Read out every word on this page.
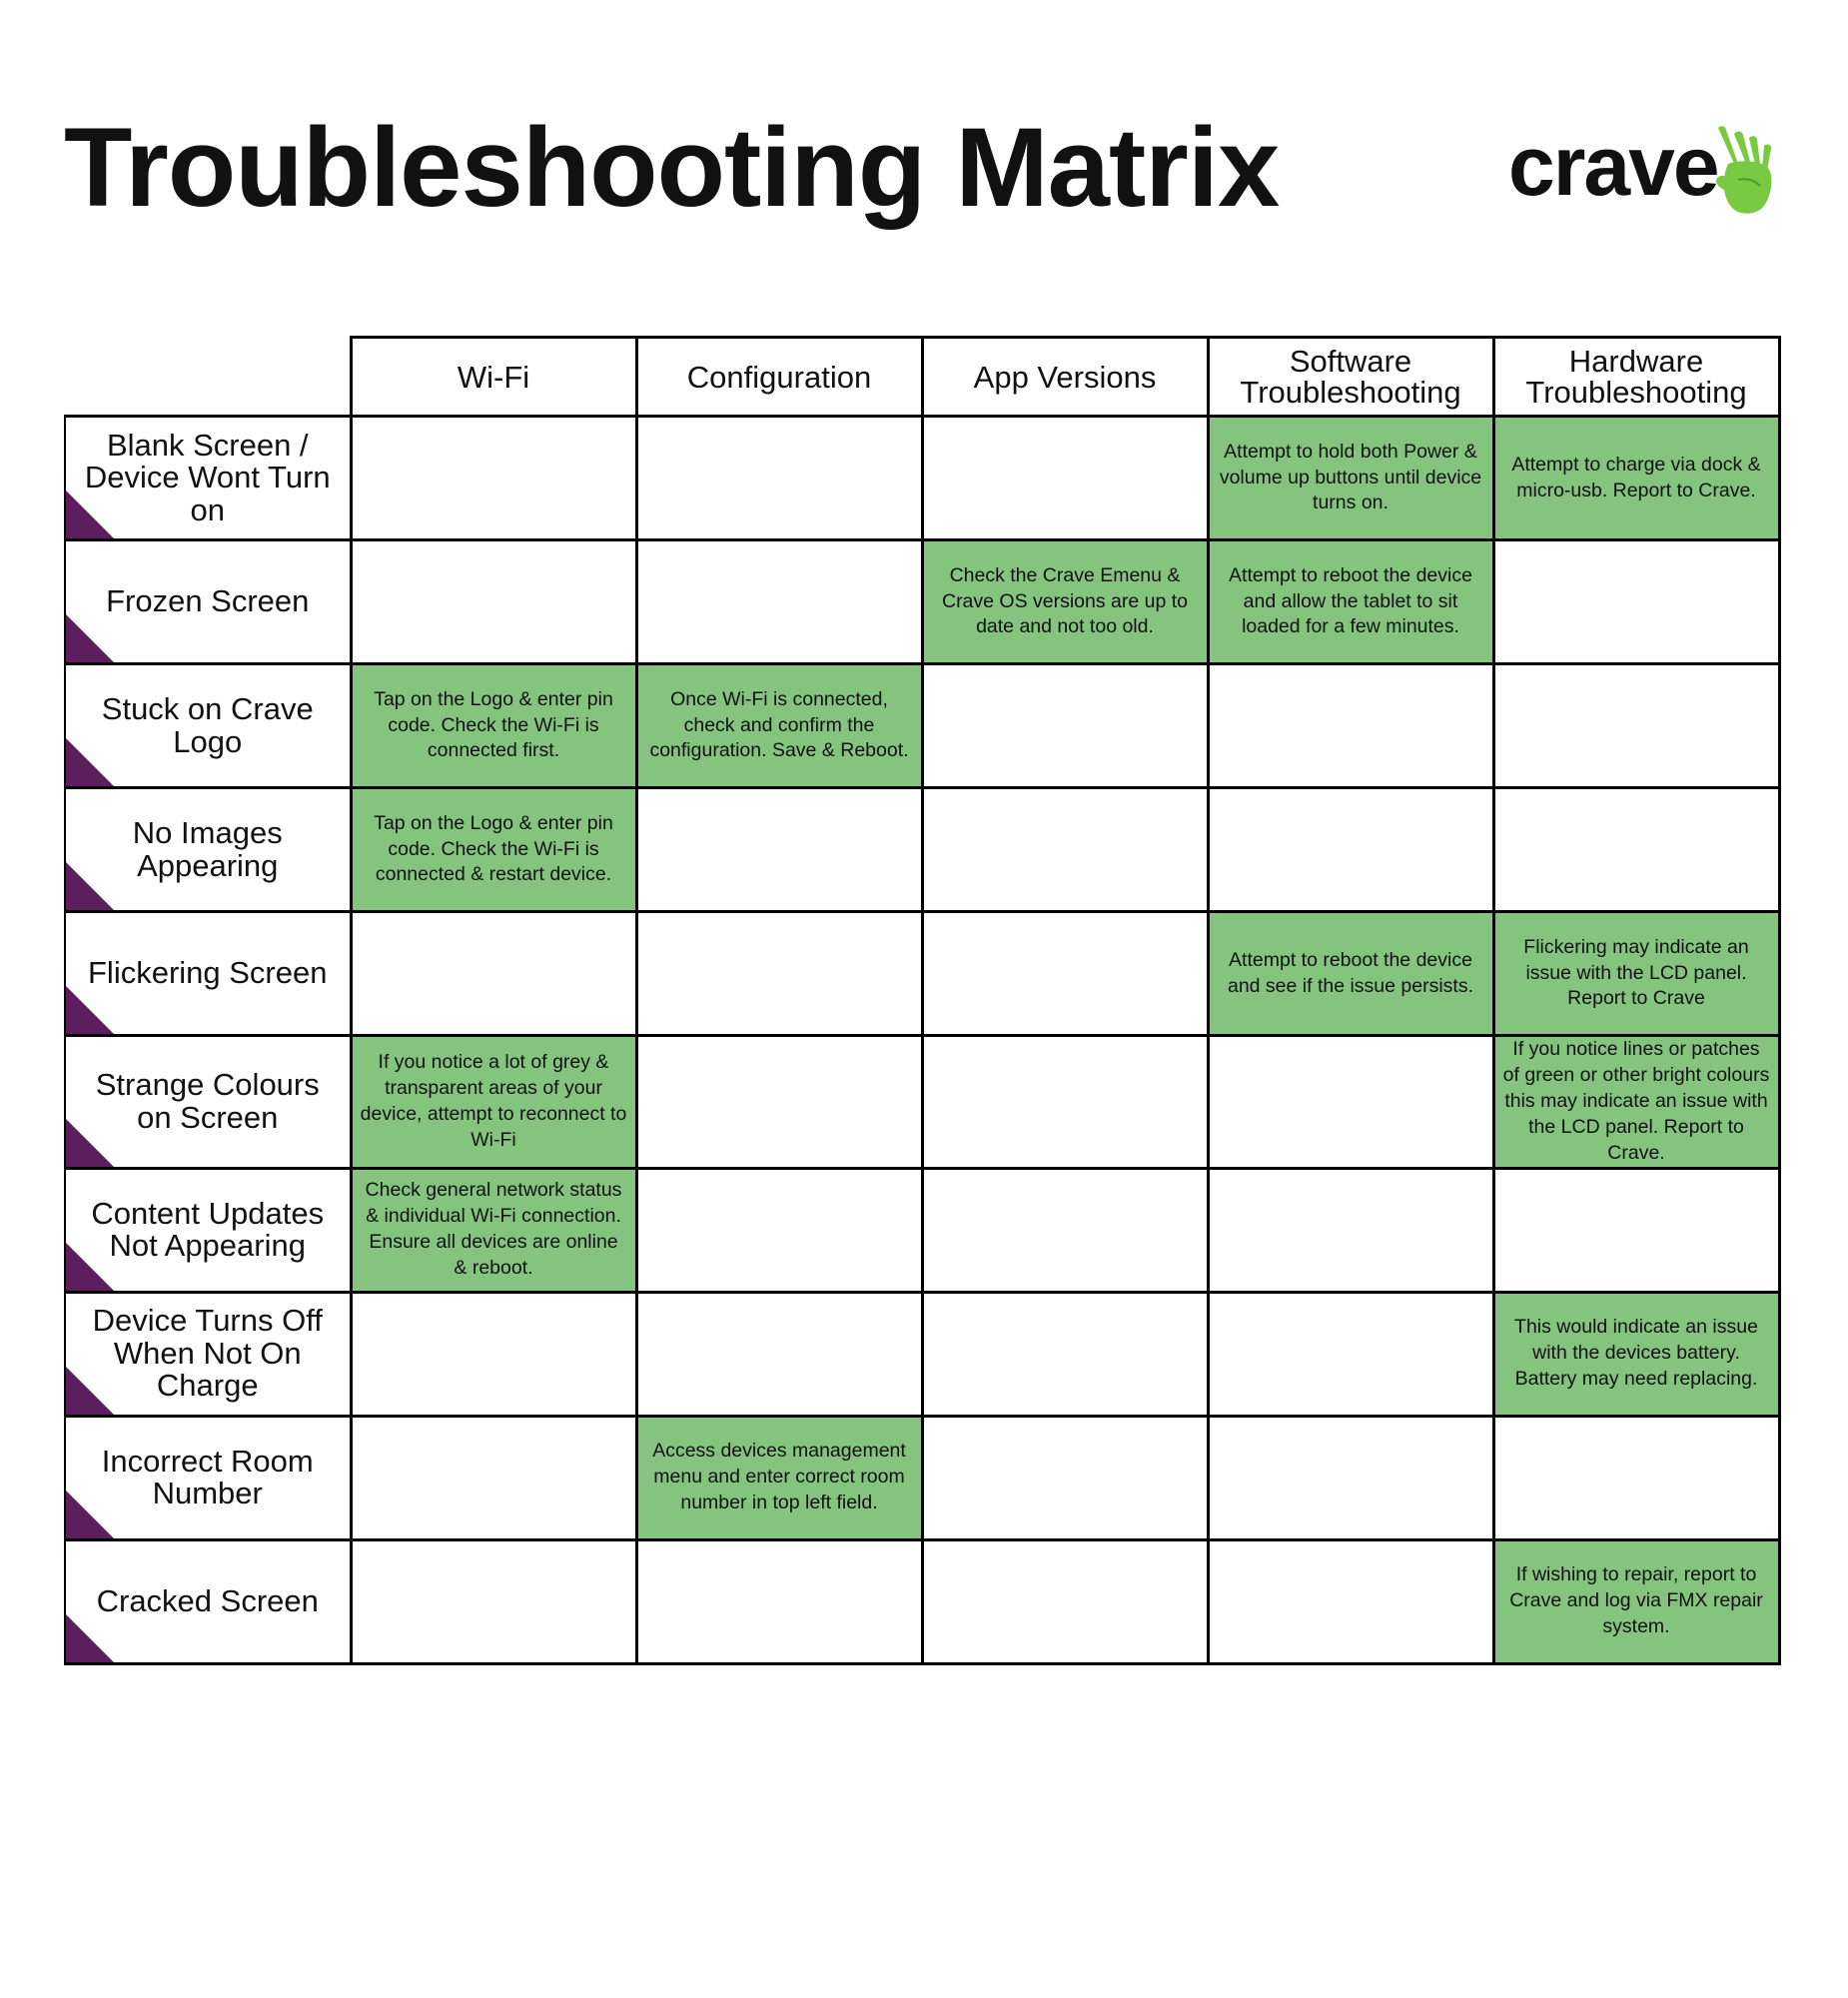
Troubleshooting Matrix	crave
	Wi-Fi	Configuration	App Versions	Software Troubleshooting	Hardware Troubleshooting

Blank Screen / Device Wont Turn on				Attempt to hold both Power & volume up buttons until device turns on.	Attempt to charge via dock & micro-usb. Report to Crave.

Frozen Screen			Check the Crave Emenu & Crave OS versions are up to date and not too old.	Attempt to reboot the device and allow the tablet to sit loaded for a few minutes.	

Stuck on Crave Logo	Tap on the Logo & enter pin code. Check the Wi-Fi is connected first.	Once Wi-Fi is connected, check and confirm the configuration. Save & Reboot.			

No Images Appearing	Tap on the Logo & enter pin code. Check the Wi-Fi is connected & restart device.				

Flickering Screen				Attempt to reboot the device and see if the issue persists.	Flickering may indicate an issue with the LCD panel. Report to Crave

Strange Colours on Screen	If you notice a lot of grey & transparent areas of your device, attempt to reconnect to Wi-Fi				If you notice lines or patches of green or other bright colours this may indicate an issue with the LCD panel. Report to Crave.

Content Updates Not Appearing	Check general network status & individual Wi-Fi connection. Ensure all devices are online & reboot.				

Device Turns Off When Not On Charge					This would indicate an issue with the devices battery. Battery may need replacing.

Incorrect Room Number		Access devices management menu and enter correct room number in top left field.			

Cracked Screen					If wishing to repair, report to Crave and log via FMX repair system.
